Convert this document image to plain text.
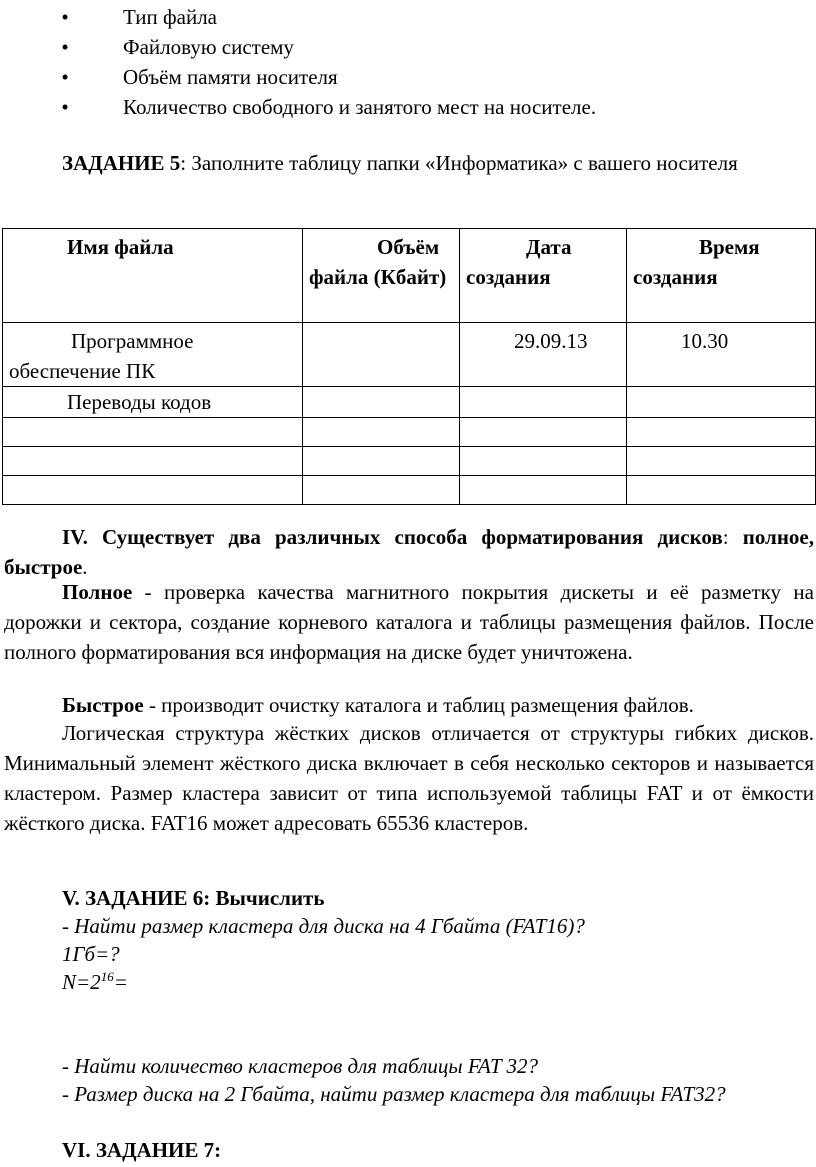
•	Тип файла
•	Файловую систему
•	Объём памяти носителя
•	Количество свободного и занятого мест на носителе.

ЗАДАНИЕ 5: Заполните таблицу папки «Информатика» с вашего носителя

Имя файла	Объём файла (Кбайт)	Дата создания	Время создания

Программное обеспечение ПК		29.09.13	10.30
Переводы кодов			

IV. Существует два различных способа форматирования дисков: полное, быстрое.

Полное - проверка качества магнитного покрытия дискеты и её разметку на дорожки и сектора, создание корневого каталога и таблицы размещения файлов. После полного форматирования вся информация на диске будет уничтожена.

Быстрое - производит очистку каталога и таблиц размещения файлов.

Логическая структура жёстких дисков отличается от структуры гибких дисков. Минимальный элемент жёсткого диска включает в себя несколько секторов и называется кластером. Размер кластера зависит от типа используемой таблицы FAT и от ёмкости жёсткого диска. FAT16 может адресовать 65536 кластеров.

V. ЗАДАНИЕ 6: Вычислить

- Найти размер кластера для диска на 4 Гбайта (FAT16)?

1Гб=?

$N=2^{16}=$

- Найти количество кластеров для таблицы FAT 32?

- Размер диска на 2 Гбайта, найти размер кластера для таблицы FAT32?

VI. ЗАДАНИЕ 7:
